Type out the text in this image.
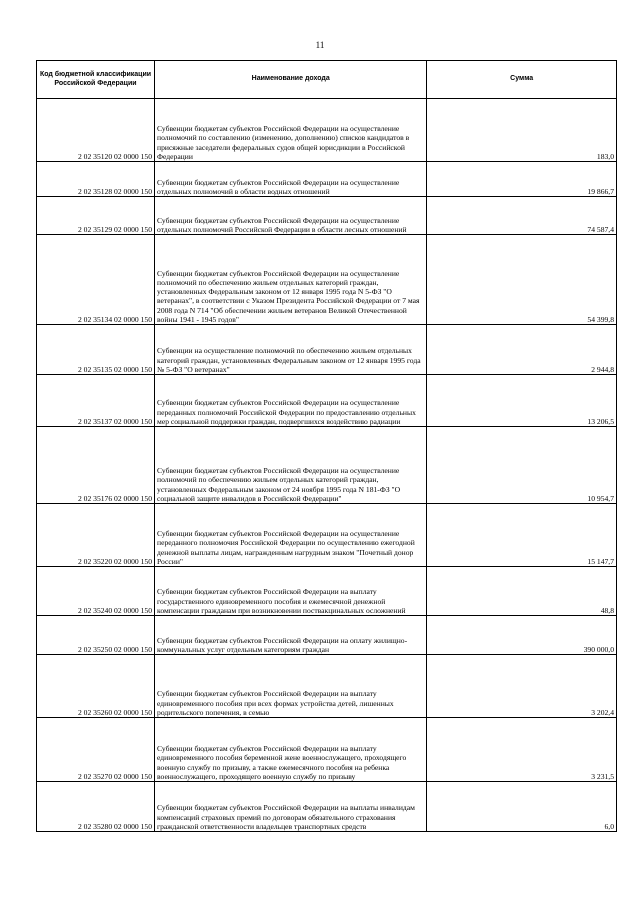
11
Код бюджетной классификации Российской Федерации	Наименование дохода	Сумма
2 02 35120 02 0000 150	Субвенции бюджетам субъектов Российской Федерации на осуществление полномочий по составлению (изменению, дополнению) списков кандидатов в присяжные заседатели федеральных судов общей юрисдикции в Российской Федерации	183,0
2 02 35128 02 0000 150	Субвенции бюджетам субъектов Российской Федерации на осуществление отдельных полномочий в области водных отношений	19 866,7
2 02 35129 02 0000 150	Субвенции бюджетам субъектов Российской Федерации на осуществление отдельных полномочий Российской Федерации в области лесных отношений	74 587,4
2 02 35134 02 0000 150	Субвенции бюджетам субъектов Российской Федерации на осуществление полномочий по обеспечению жильем отдельных категорий граждан, установленных Федеральным законом от 12 января 1995 года N 5-ФЗ "О ветеранах", в соответствии с Указом Президента Российской Федерации от 7 мая 2008 года N 714 "Об обеспечении жильем ветеранов Великой Отечественной войны 1941 - 1945 годов"	54 399,8
2 02 35135 02 0000 150	Субвенции на осуществление полномочий по обеспечению жильем отдельных категорий граждан, установленных Федеральным законом от 12 января 1995 года № 5-ФЗ "О ветеранах"	2 944,8
2 02 35137 02 0000 150	Субвенции бюджетам субъектов Российской Федерации на осуществление переданных полномочий Российской Федерации по предоставлению отдельных мер социальной поддержки граждан, подвергшихся воздействию радиации	13 206,5
2 02 35176 02 0000 150	Субвенции бюджетам субъектов Российской Федерации на осуществление полномочий по обеспечению жильем отдельных категорий граждан, установленных Федеральным законом от 24 ноября 1995 года N 181-ФЗ "О социальной защите инвалидов в Российской Федерации"	10 954,7
2 02 35220 02 0000 150	Субвенции бюджетам субъектов Российской Федерации на осуществление переданного полномочия Российской Федерации по осуществлению ежегодной денежной выплаты лицам, награжденным нагрудным знаком "Почетный донор России"	15 147,7
2 02 35240 02 0000 150	Субвенции бюджетам субъектов Российской Федерации на выплату государственного единовременного пособия и ежемесячной денежной компенсации гражданам при возникновении поствакцинальных осложнений	48,8
2 02 35250 02 0000 150	Субвенции бюджетам субъектов Российской Федерации на оплату жилищно-коммунальных услуг отдельным категориям граждан	390 000,0
2 02 35260 02 0000 150	Субвенции бюджетам субъектов Российской Федерации на выплату единовременного пособия при всех формах устройства детей, лишенных родительского попечения, в семью	3 202,4
2 02 35270 02 0000 150	Субвенции бюджетам субъектов Российской Федерации на выплату единовременного пособия беременной жене военнослужащего, проходящего военную службу по призыву, а также ежемесячного пособия на ребенка военнослужащего, проходящего военную службу по призыву	3 231,5
2 02 35280 02 0000 150	Субвенции бюджетам субъектов Российской Федерации на выплаты инвалидам компенсаций страховых премий по договорам обязательного страхования гражданской ответственности владельцев транспортных средств	6,0
